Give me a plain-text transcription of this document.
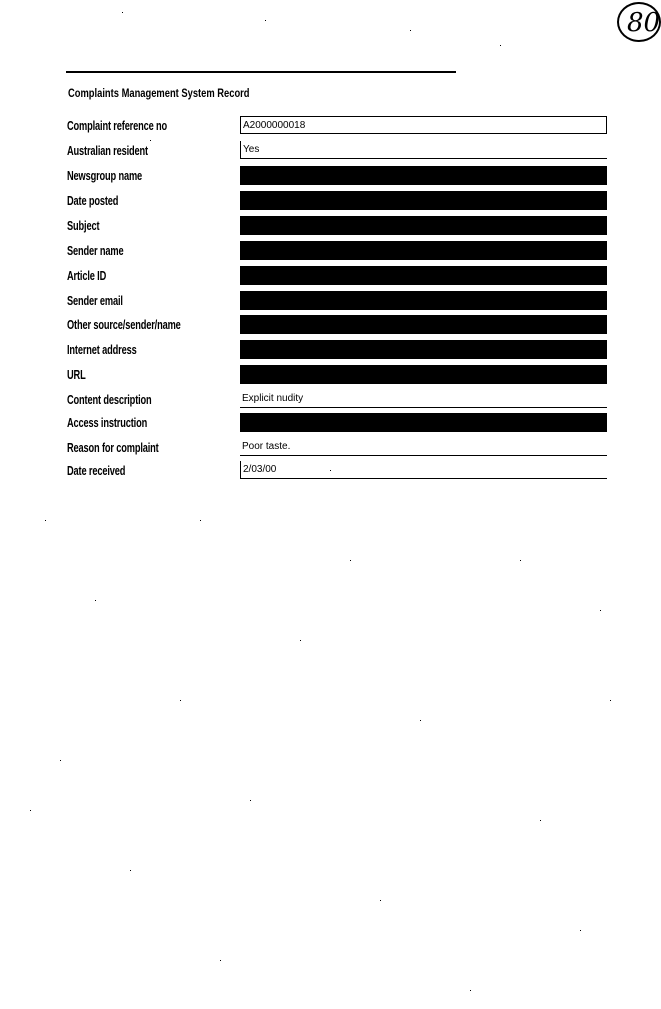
80
Complaints Management System Record
Complaint reference no	A2000000018
Australian resident	Yes
Newsgroup name
Date posted
Subject
Sender name
Article ID
Sender email
Other source/sender/name
Internet address
URL
Content description	Explicit nudity
Access instruction
Reason for complaint	Poor taste.
Date received	2/03/00
